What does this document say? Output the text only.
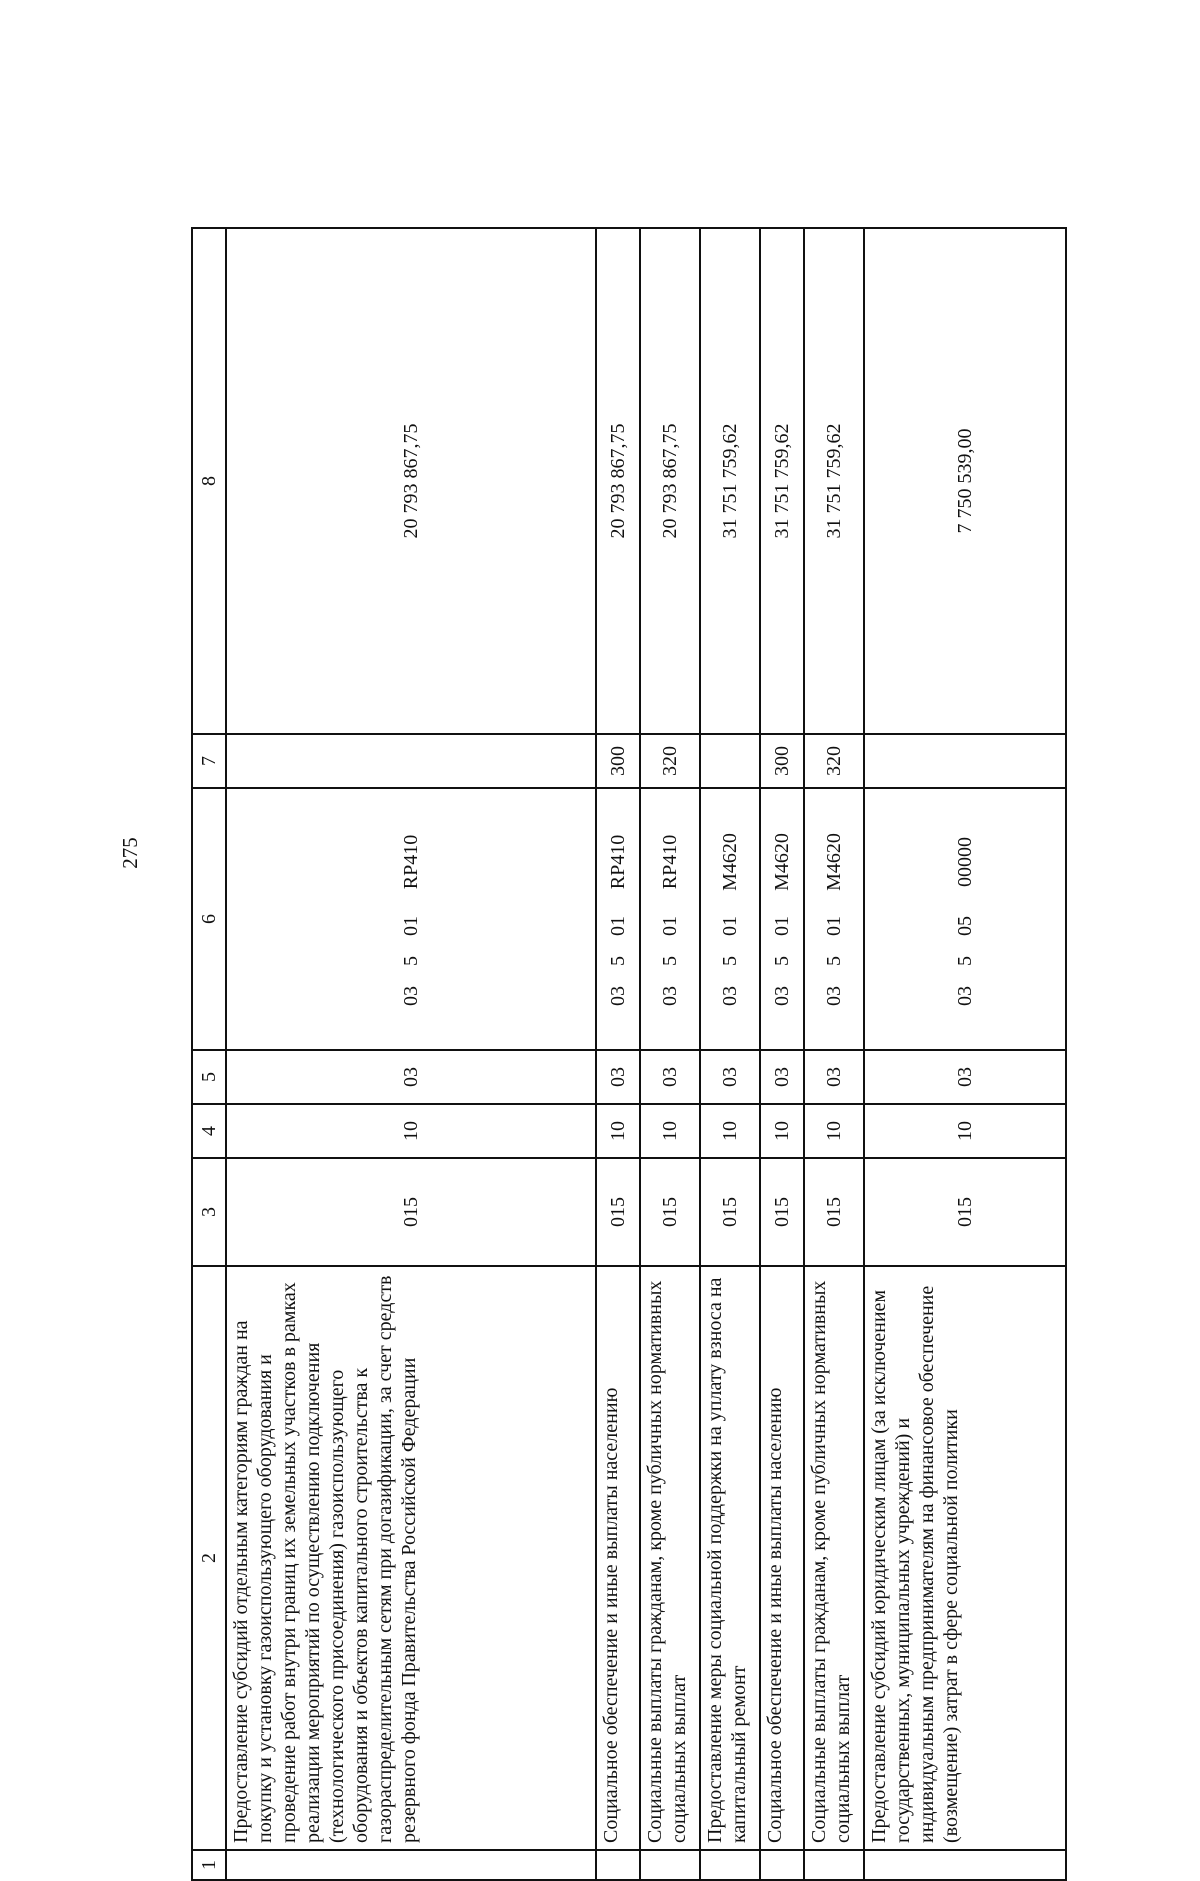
275
1	2	3	4	5	6	7	8
	Предоставление субсидий отдельным категориям граждан на покупку и установку газоиспользующего оборудования и проведение работ внутри границ их земельных участков в рамках реализации мероприятий по осуществлению подключения (технологического присоединения) газоиспользующего оборудования и объектов капитального строительства к газораспределительным сетям при догазификации, за счет средств резервного фонда Правительства Российской Федерации	015	10	03	03501RP410		20 793 867,75
	Социальное обеспечение и иные выплаты населению	015	10	03	03501RP410	300	20 793 867,75
	Социальные выплаты гражданам, кроме публичных нормативных социальных выплат	015	10	03	03501RP410	320	20 793 867,75
	Предоставление меры социальной поддержки на уплату взноса на капитальный ремонт	015	10	03	03501M4620		31 751 759,62
	Социальное обеспечение и иные выплаты населению	015	10	03	03501M4620	300	31 751 759,62
	Социальные выплаты гражданам, кроме публичных нормативных социальных выплат	015	10	03	03501M4620	320	31 751 759,62
	Предоставление субсидий юридическим лицам (за исключением государственных, муниципальных учреждений) и индивидуальным предпринимателям на финансовое обеспечение (возмещение) затрат в сфере социальной политики	015	10	03	0350500000		7 750 539,00
